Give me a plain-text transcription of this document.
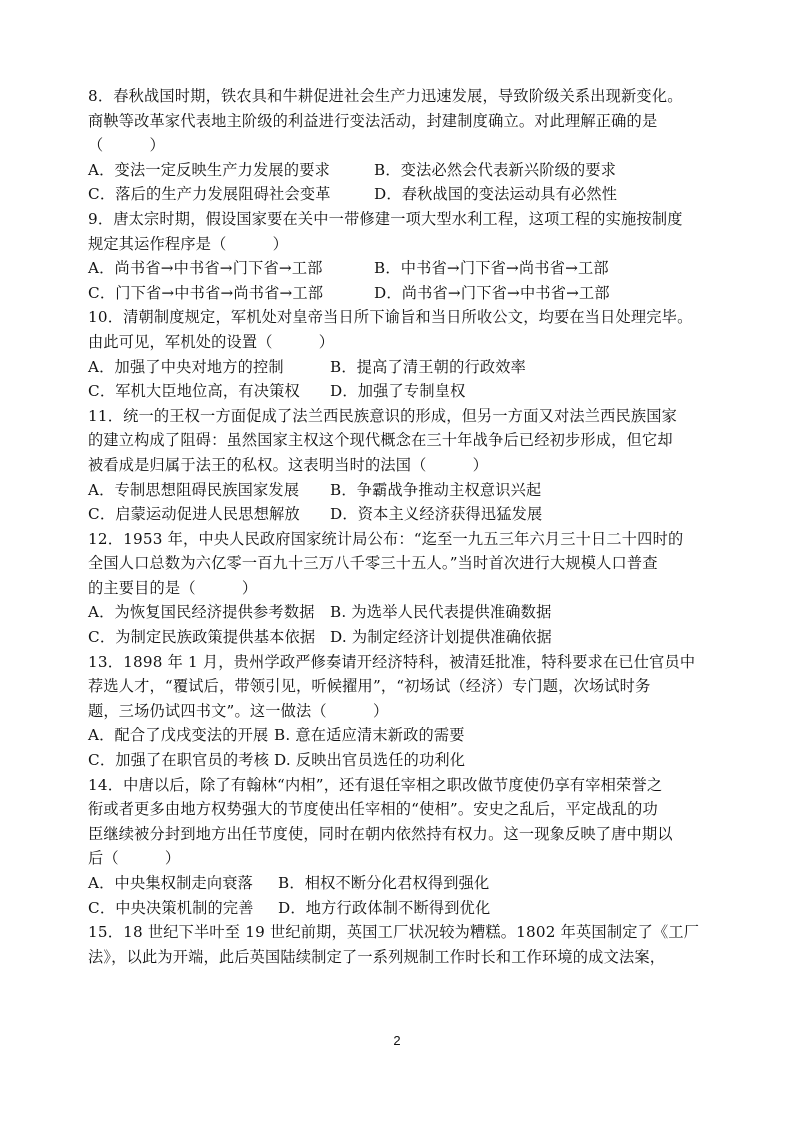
8．春秋战国时期，铁农具和牛耕促进社会生产力迅速发展，导致阶级关系出现新变化。
商鞅等改革家代表地主阶级的利益进行变法活动，封建制度确立。对此理解正确的是
（　　　）
A．变法一定反映生产力发展的要求	B．变法必然会代表新兴阶级的要求
C．落后的生产力发展阻碍社会变革	D．春秋战国的变法运动具有必然性
9．唐太宗时期，假设国家要在关中一带修建一项大型水利工程，这项工程的实施按制度
规定其运作程序是（　　　）
A．尚书省→中书省→门下省→工部	B．中书省→门下省→尚书省→工部
C．门下省→中书省→尚书省→工部	D．尚书省→门下省→中书省→工部
10．清朝制度规定，军机处对皇帝当日所下谕旨和当日所收公文，均要在当日处理完毕。
由此可见，军机处的设置（　　　）
A．加强了中央对地方的控制	B．提高了清王朝的行政效率
C．军机大臣地位高，有决策权	D．加强了专制皇权
11．统一的王权一方面促成了法兰西民族意识的形成，但另一方面又对法兰西民族国家
的建立构成了阻碍：虽然国家主权这个现代概念在三十年战争后已经初步形成，但它却
被看成是归属于法王的私权。这表明当时的法国（　　　）
A．专制思想阻碍民族国家发展	B．争霸战争推动主权意识兴起
C．启蒙运动促进人民思想解放	D．资本主义经济获得迅猛发展
12．1953 年，中央人民政府国家统计局公布：“迄至一九五三年六月三十日二十四时的
全国人口总数为六亿零一百九十三万八千零三十五人。”当时首次进行大规模人口普查
的主要目的是（　　　）
A．为恢复国民经济提供参考数据	B. 为选举人民代表提供准确数据
C．为制定民族政策提供基本依据 D. 为制定经济计划提供准确依据
13．1898 年 1 月，贵州学政严修奏请开经济特科，被清廷批准，特科要求在已仕官员中
荐选人才，“覆试后，带领引见，听候擢用”，“初场试（经济）专门题，次场试时务
题，三场仍试四书文”。这一做法（　　　）
A．配合了戊戌变法的开展 B. 意在适应清末新政的需要
C．加强了在职官员的考核 D. 反映出官员选任的功利化
14．中唐以后，除了有翰林“内相”，还有退任宰相之职改做节度使仍享有宰相荣誉之
衔或者更多由地方权势强大的节度使出任宰相的“使相”。安史之乱后，平定战乱的功
臣继续被分封到地方出任节度使，同时在朝内依然持有权力。这一现象反映了唐中期以
后（　　　）
A．中央集权制走向衰落	B．相权不断分化君权得到强化
C．中央决策机制的完善	D．地方行政体制不断得到优化
15．18 世纪下半叶至 19 世纪前期，英国工厂状况较为糟糕。1802 年英国制定了《工厂
法》，以此为开端，此后英国陆续制定了一系列规制工作时长和工作环境的成文法案，
2
